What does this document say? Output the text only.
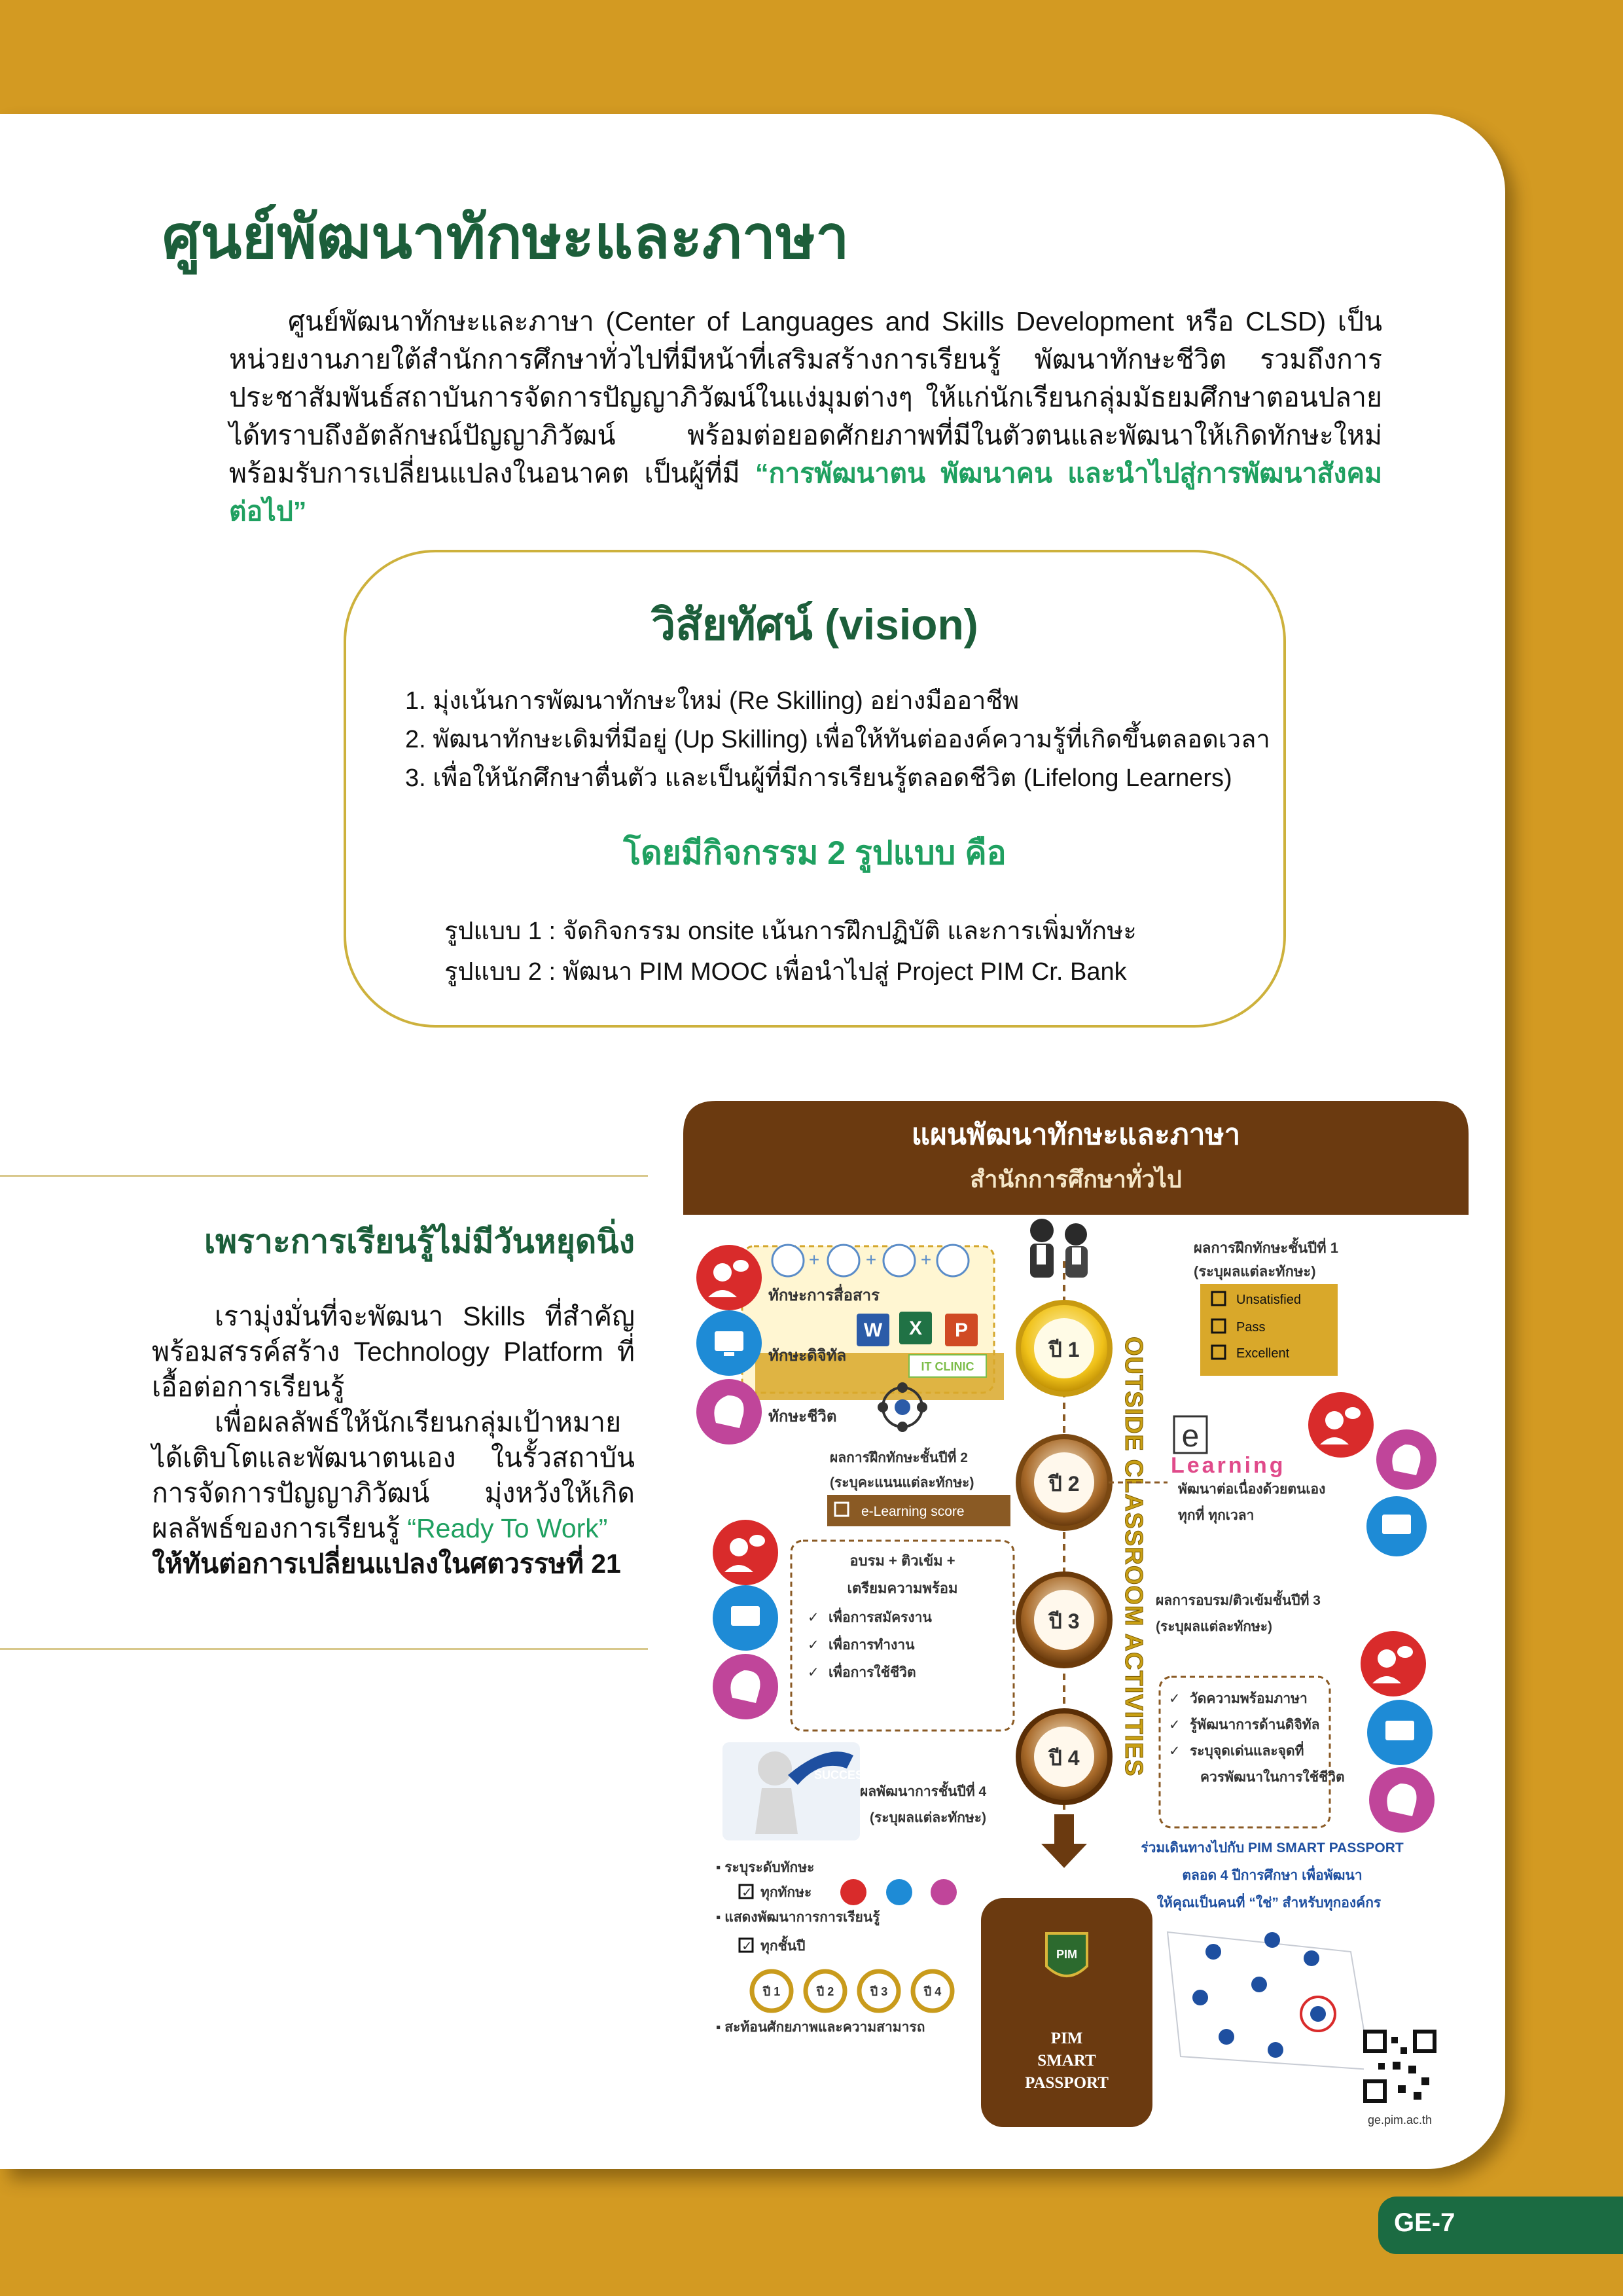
ศูนย์พัฒนาทักษะและภาษา

ศูนย์พัฒนาทักษะและภาษา (Center of Languages and Skills Development หรือ CLSD) เป็นหน่วยงานภายใต้สำนักการศึกษาทั่วไปที่มีหน้าที่เสริมสร้างการเรียนรู้ พัฒนาทักษะชีวิต รวมถึงการประชาสัมพันธ์สถาบันการจัดการปัญญาภิวัฒน์ในแง่มุมต่างๆ ให้แก่นักเรียนกลุ่มมัธยมศึกษาตอนปลายได้ทราบถึงอัตลักษณ์ปัญญาภิวัฒน์ พร้อมต่อยอดศักยภาพที่มีในตัวตนและพัฒนาให้เกิดทักษะใหม่พร้อมรับการเปลี่ยนแปลงในอนาคต เป็นผู้ที่มี “การพัฒนาตน พัฒนาคน และนำไปสู่การพัฒนาสังคมต่อไป”

วิสัยทัศน์ (vision)
1. มุ่งเน้นการพัฒนาทักษะใหม่ (Re Skilling) อย่างมืออาชีพ
2. พัฒนาทักษะเดิมที่มีอยู่ (Up Skilling) เพื่อให้ทันต่อองค์ความรู้ที่เกิดขึ้นตลอดเวลา
3. เพื่อให้นักศึกษาตื่นตัว และเป็นผู้ที่มีการเรียนรู้ตลอดชีวิต (Lifelong Learners)
โดยมีกิจกรรม 2 รูปแบบ คือ
รูปแบบ 1 : จัดกิจกรรม onsite เน้นการฝึกปฏิบัติ และการเพิ่มทักษะ
รูปแบบ 2 : พัฒนา PIM MOOC เพื่อนำไปสู่ Project PIM Cr. Bank
เพราะการเรียนรู้ไม่มีวันหยุดนิ่ง

เรามุ่งมั่นที่จะพัฒนา Skills ที่สำคัญพร้อมสรรค์สร้าง Technology Platform ที่เอื้อต่อการเรียนรู้

เพื่อผลลัพธ์ให้นักเรียนกลุ่มเป้าหมายได้เติบโตและพัฒนาตนเอง ในรั้วสถาบันการจัดการปัญญาภิวัฒน์ มุ่งหวังให้เกิดผลลัพธ์ของการเรียนรู้ “Ready To Work”
ให้ทันต่อการเปลี่ยนแปลงในศตวรรษที่ 21

แผนพัฒนาทักษะและภาษา
สำนักการศึกษาทั่วไป
ปี 1
ปี 2
ปี 3
ปี 4 OUTSIDE CLASSROOM ACTIVITIES
+	+ +
ทักษะการสื่อสาร
ทักษะดิจิทัล
ทักษะชีวิต
W X P
IT CLINIC
ผลการฝึกทักษะชั้นปีที่ 1
(ระบุผลแต่ละทักษะ)
Unsatisfied
Pass
Excellent
ผลการฝึกทักษะชั้นปีที่ 2
(ระบุคะแนนแต่ละทักษะ)
e-Learning score
e
Learning
พัฒนาต่อเนื่องด้วยตนเอง
ทุกที่ ทุกเวลา
อบรม + ติวเข้ม +
เตรียมความพร้อม
✓ เพื่อการสมัครงาน
✓ เพื่อการทำงาน
✓ เพื่อการใช้ชีวิต
ผลการอบรม/ติวเข้มชั้นปีที่ 3
(ระบุผลแต่ละทักษะ)
✓ วัดความพร้อมภาษา
✓ รู้พัฒนาการด้านดิจิทัล
✓ ระบุจุดเด่นและจุดที่
ควรพัฒนาในการใช้ชีวิต
SUCCESS
ผลพัฒนาการชั้นปีที่ 4
(ระบุผลแต่ละทักษะ)
ร่วมเดินทางไปกับ PIM SMART PASSPORT
ตลอด 4 ปีการศึกษา เพื่อพัฒนา
ให้คุณเป็นคนที่ “ใช่” สำหรับทุกองค์กร
▪ ระบุระดับทักษะ
✓ ทุกทักษะ
▪ แสดงพัฒนาการการเรียนรู้
✓ ทุกชั้นปี
▪ สะท้อนศักยภาพและความสามารถ
ปี 1	ปี 2	ปี 3	ปี 4
PIM
PIM
SMART
PASSPORT
ge.pim.ac.th
GE-7
